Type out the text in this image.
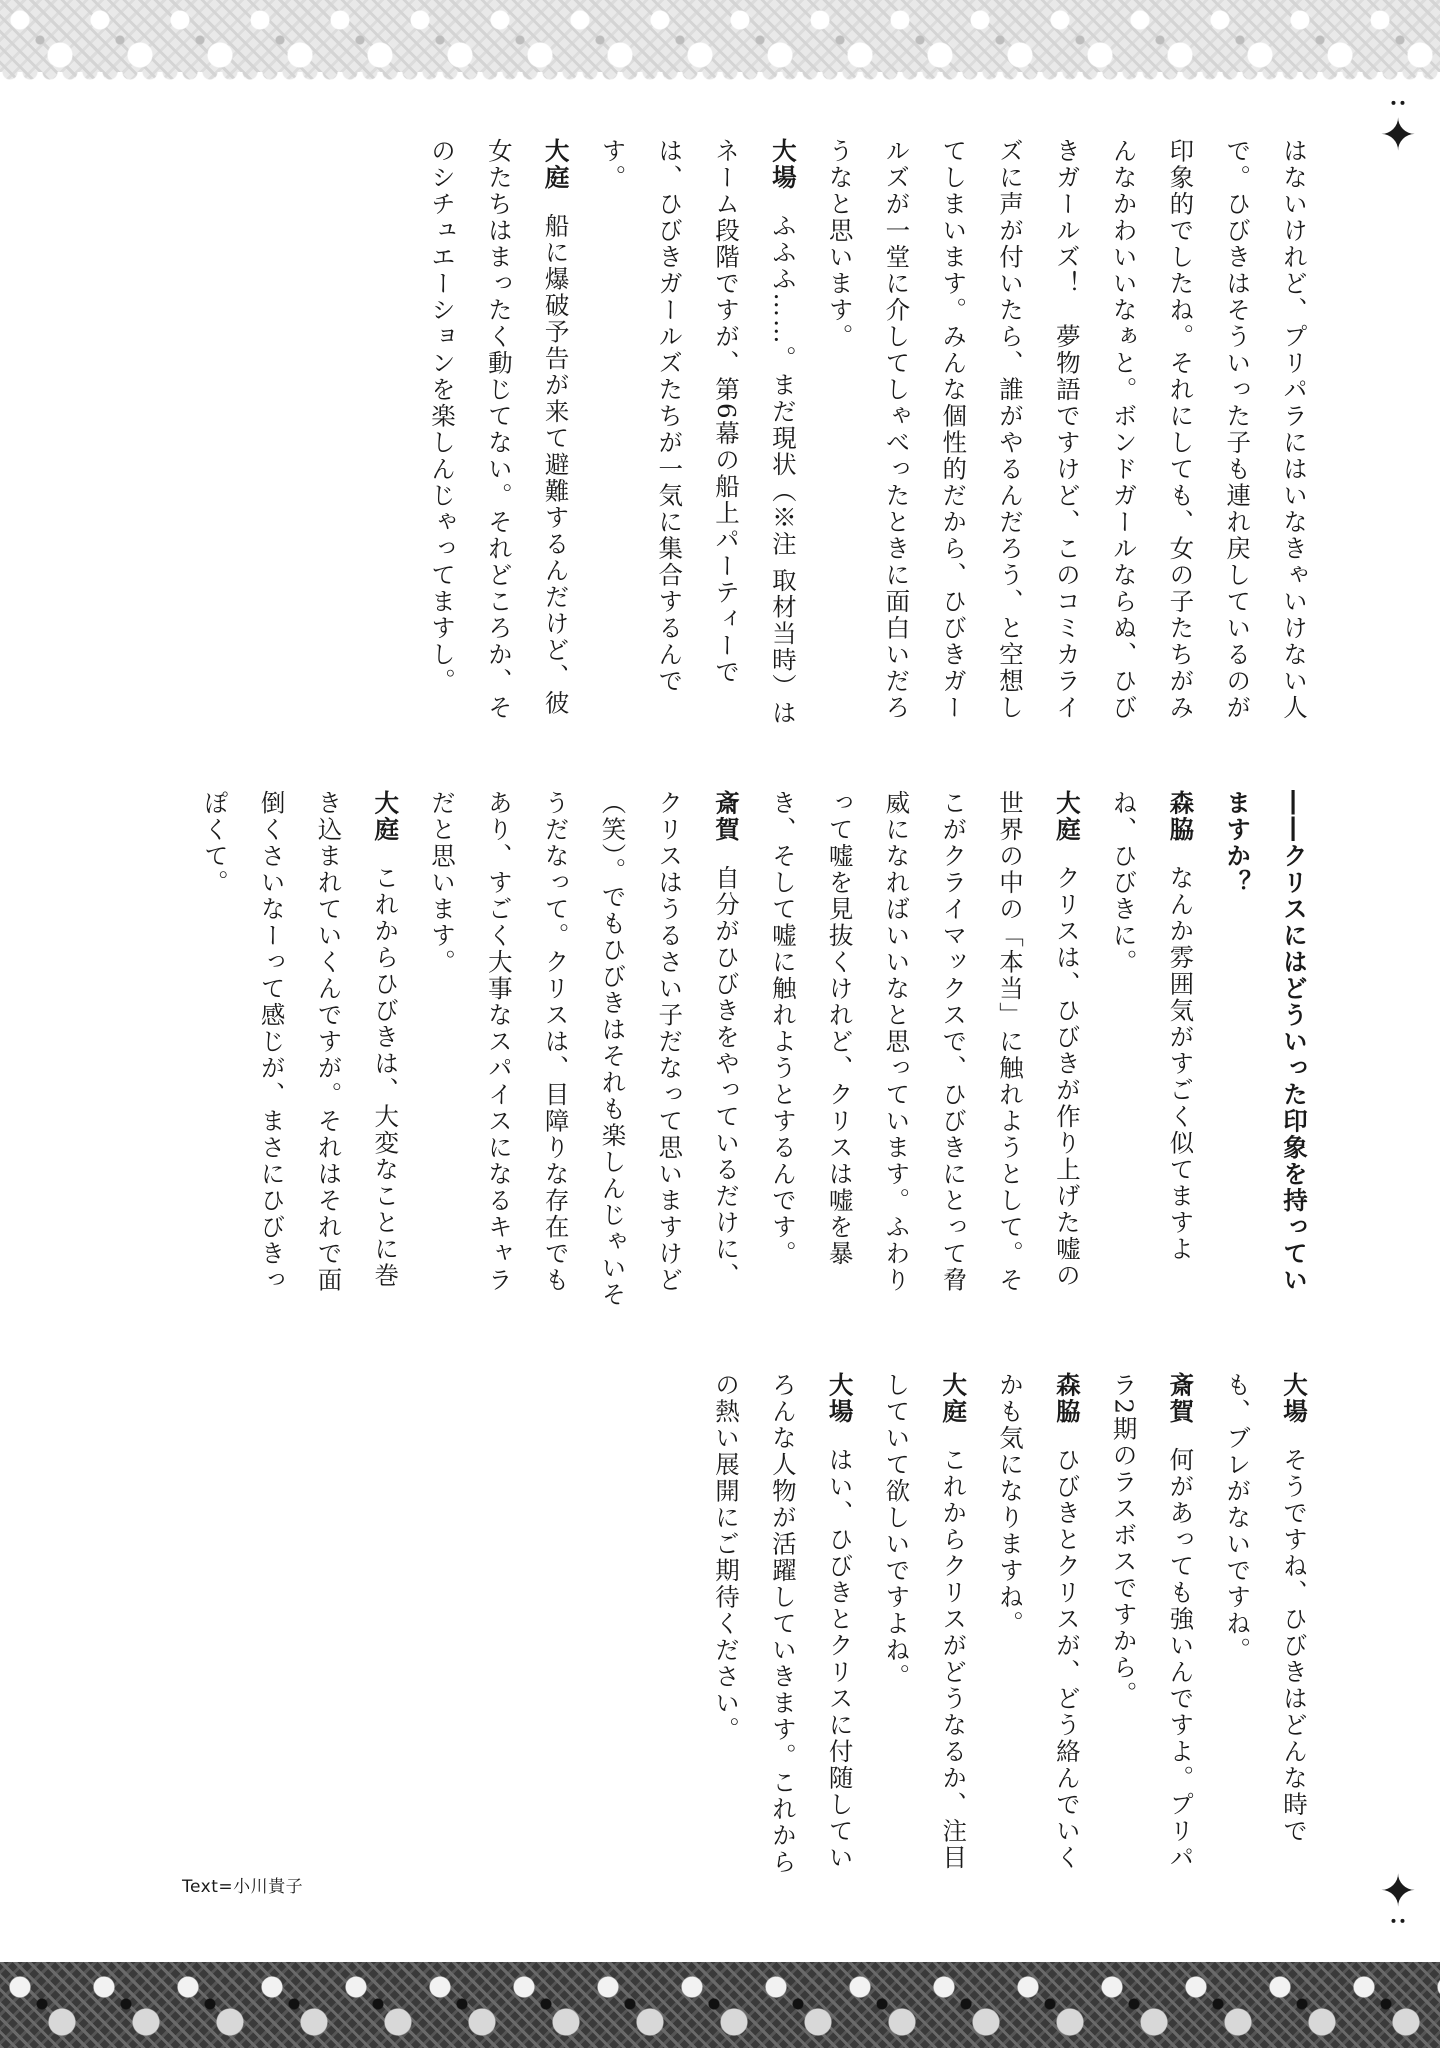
･･
✦

はないけれど、プリパラにはいなきゃいけない人で。ひびきはそういった子も連れ戻しているのが印象的でしたね。それにしても、女の子たちがみんなかわいいなぁと。ボンドガールならぬ、ひびきガールズ！　夢物語ですけど、このコミカライズに声が付いたら、誰がやるんだろう、と空想してしまいます。みんな個性的だから、ひびきガールズが一堂に介してしゃべったときに面白いだろうなと思います。

大場ふふふ……。まだ現状（※注 取材当時）はネーム段階ですが、第6幕の船上パーティーでは、ひびきガールズたちが一気に集合するんです。

大庭船に爆破予告が来て避難するんだけど、彼女たちはまったく動じてない。それどころか、そのシチュエーションを楽しんじゃってますし。

――クリスにはどういった印象を持っていますか？

森脇なんか雰囲気がすごく似てますよね、ひびきに。

大庭クリスは、ひびきが作り上げた嘘の世界の中の「本当」に触れようとして。そこがクライマックスで、ひびきにとって脅威になればいいなと思っています。ふわりって嘘を見抜くけれど、クリスは嘘を暴き、そして嘘に触れようとするんです。

斎賀自分がひびきをやっているだけに、クリスはうるさい子だなって思いますけど（笑）。でもひびきはそれも楽しんじゃいそうだなって。クリスは、目障りな存在でもあり、すごく大事なスパイスになるキャラだと思います。

大庭これからひびきは、大変なことに巻き込まれていくんですが。それはそれで面倒くさいなーって感じが、まさにひびきっぽくて。

大場そうですね、ひびきはどんな時でも、ブレがないですね。

斎賀何があっても強いんですよ。プリパラ2期のラスボスですから。

森脇ひびきとクリスが、どう絡んでいくかも気になりますね。

大庭これからクリスがどうなるか、注目していて欲しいですよね。

大場はい、ひびきとクリスに付随していろんな人物が活躍していきます。これからの熱い展開にご期待ください。

Text=小川貴子	✦
･･
